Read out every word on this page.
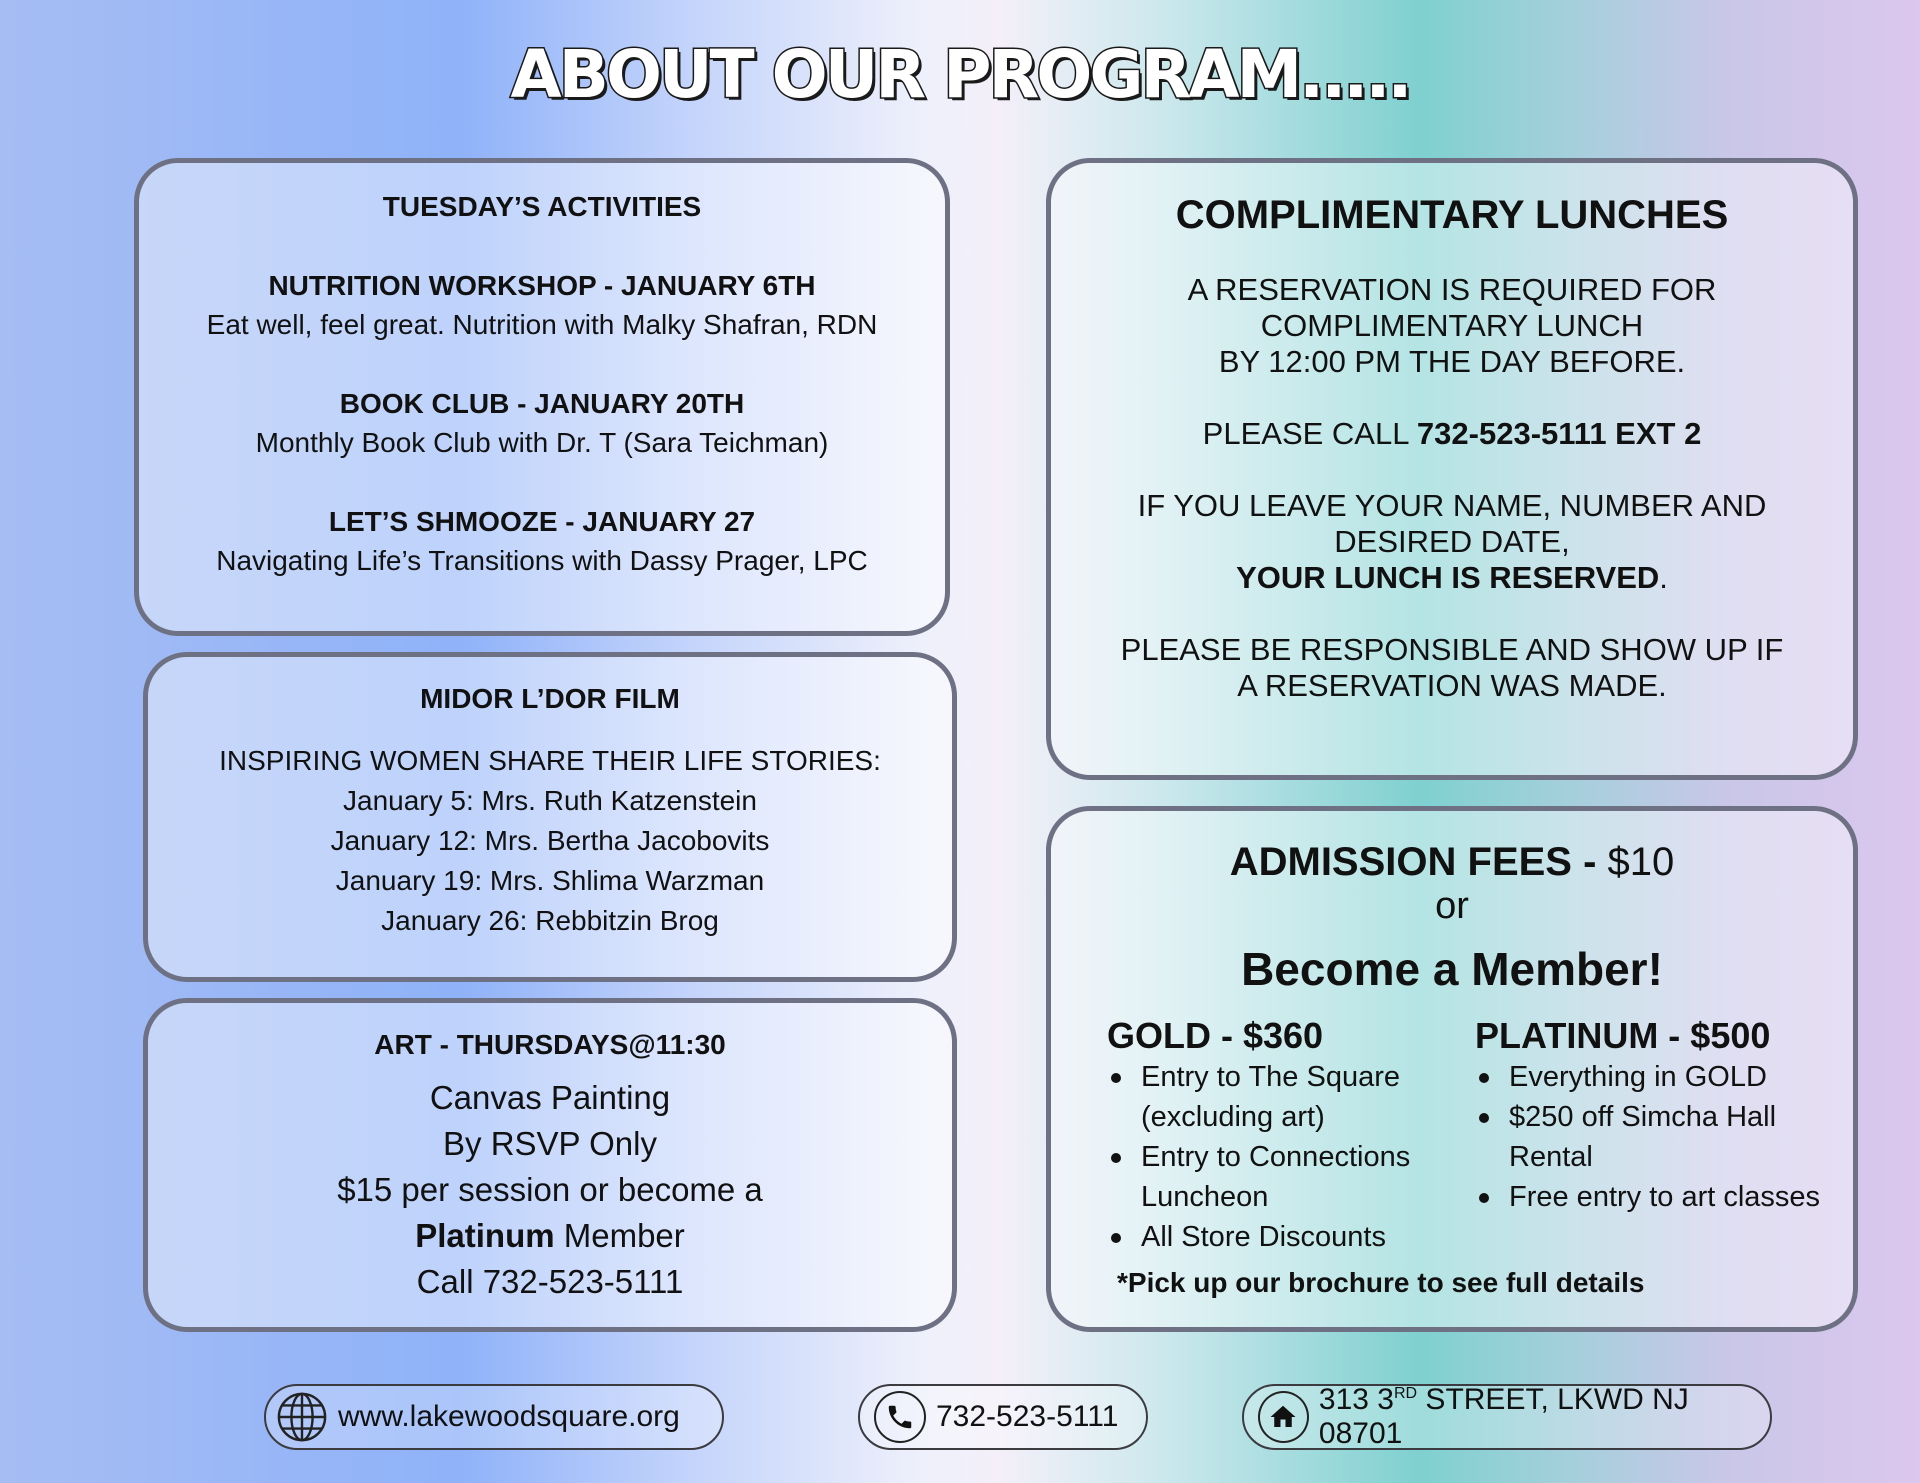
ABOUT OUR PROGRAM.....
TUESDAY’S ACTIVITIES
NUTRITION WORKSHOP - JANUARY 6TH
Eat well, feel great. Nutrition with Malky Shafran, RDN
BOOK CLUB - JANUARY 20TH
Monthly Book Club with Dr. T (Sara Teichman)
LET’S SHMOOZE - JANUARY 27
Navigating Life’s Transitions with Dassy Prager, LPC
MIDOR L’DOR FILM
INSPIRING WOMEN SHARE THEIR LIFE STORIES:
January 5: Mrs. Ruth Katzenstein
January 12: Mrs. Bertha Jacobovits
January 19: Mrs. Shlima Warzman
January 26: Rebbitzin Brog
ART - THURSDAYS@11:30
Canvas Painting
By RSVP Only
$15 per session or become a
Platinum Member
Call 732-523-5111
COMPLIMENTARY LUNCHES
A RESERVATION IS REQUIRED FOR
COMPLIMENTARY LUNCH
BY 12:00 PM THE DAY BEFORE.
PLEASE CALL 732-523-5111 EXT 2
IF YOU LEAVE YOUR NAME, NUMBER AND
DESIRED DATE,
YOUR LUNCH IS RESERVED.
PLEASE BE RESPONSIBLE AND SHOW UP IF
A RESERVATION WAS MADE.
ADMISSION FEES - $10
or
Become a Member!
GOLD - $360
Entry to The Square (excluding art)
Entry to Connections Luncheon
All Store Discounts
PLATINUM - $500
Everything in GOLD
$250 off Simcha Hall Rental
Free entry to art classes
*Pick up our brochure to see full details
www.lakewoodsquare.org	732-523-5111
313 3RD STREET, LKWD NJ 08701
